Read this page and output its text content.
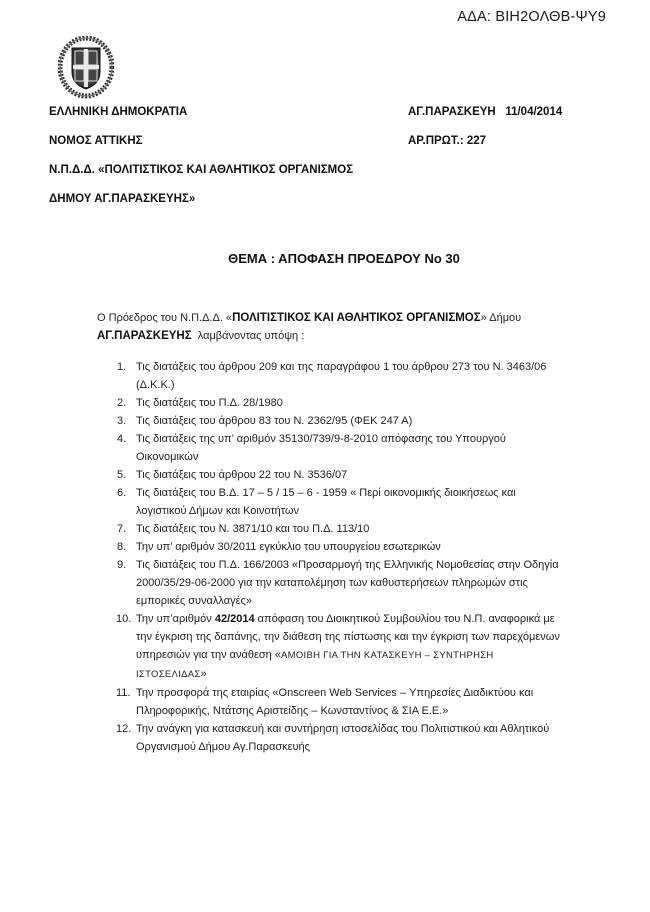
ΑΔΑ: ΒΙΗ2ΟΛΘΒ-ΨΥ9
ΕΛΛΗΝΙΚΗ ΔΗΜΟΚΡΑΤΙΑ
ΝΟΜΟΣ ΑΤΤΙΚΗΣ
Ν.Π.Δ.Δ. «ΠΟΛΙΤΙΣΤΙΚΟΣ ΚΑΙ ΑΘΛΗΤΙΚΟΣ ΟΡΓΑΝΙΣΜΟΣ
ΔΗΜΟΥ ΑΓ.ΠΑΡΑΣΚΕΥΗΣ»
ΑΓ.ΠΑΡΑΣΚΕΥΗ   11/04/2014
ΑΡ.ΠΡΩΤ.: 227
ΘΕΜΑ : ΑΠΟΦΑΣΗ ΠΡΟΕΔΡΟΥ Νο 30
Ο Πρόεδρος του Ν.Π.Δ.Δ. «ΠΟΛΙΤΙΣΤΙΚΟΣ ΚΑΙ ΑΘΛΗΤΙΚΟΣ ΟΡΓΑΝΙΣΜΟΣ» Δήμου
ΑΓ.ΠΑΡΑΣΚΕΥΗΣ  λαμβάνοντας υπόψη :
1. Τις διατάξεις του άρθρου 209 και της παραγράφου 1 του άρθρου 273 του Ν. 3463/06 (Δ.Κ.Κ.)
2. Τις διατάξεις του Π.Δ. 28/1980
3. Τις διατάξεις του άρθρου 83 του Ν. 2362/95 (ΦΕΚ 247 Α)
4. Τις διατάξεις της υπ’ αριθμόν 35130/739/9-8-2010 απόφασης του Υπουργού Οικονομικών
5. Τις διατάξεις του άρθρου 22 του Ν. 3536/07
6. Τις διατάξεις του Β.Δ. 17 – 5 / 15 – 6 - 1959 « Περί οικονομικής διοικήσεως και λογιστικού Δήμων και Κοινοτήτων
7. Τις διατάξεις του Ν. 3871/10 και του Π.Δ. 113/10
8. Την υπ’ αριθμόν 30/2011 εγκύκλιο του υπουργείου εσωτερικών
9. Τις διατάξεις του Π.Δ. 166/2003 «Προσαρμογή της Ελληνικής Νομοθεσίας στην Οδηγία 2000/35/29-06-2000 για την καταπολέμηση των καθυστερήσεων πληρωμών στις εμπορικές συναλλαγές»
10. Την υπ’αριθμόν 42/2014 απόφαση του Διοικητικού Συμβουλίου του Ν.Π. αναφορικά με την έγκριση της δαπάνης, την διάθεση της πίστωσης και την έγκριση των παρεχόμενων υπηρεσιών για την ανάθεση «ΑΜΟΙΒΗ ΓΙΑ ΤΗΝ ΚΑΤΑΣΚΕΥΗ – ΣΥΝΤΗΡΗΣΗ ΙΣΤΟΣΕΛΙΔΑΣ»
11. Την προσφορά της εταιρίας «Onscreen Web Services – Υπηρεσίες Διαδικτύου και Πληροφορικής, Ντάτσης Αριστείδης – Κωνσταντίνος & ΣΙΑ Ε.Ε.»
12. Την ανάγκη για κατασκευή και συντήρηση ιστοσελίδας του Πολιτιστικού και Αθλητικού Οργανισμού Δήμου Αγ.Παρασκευής
